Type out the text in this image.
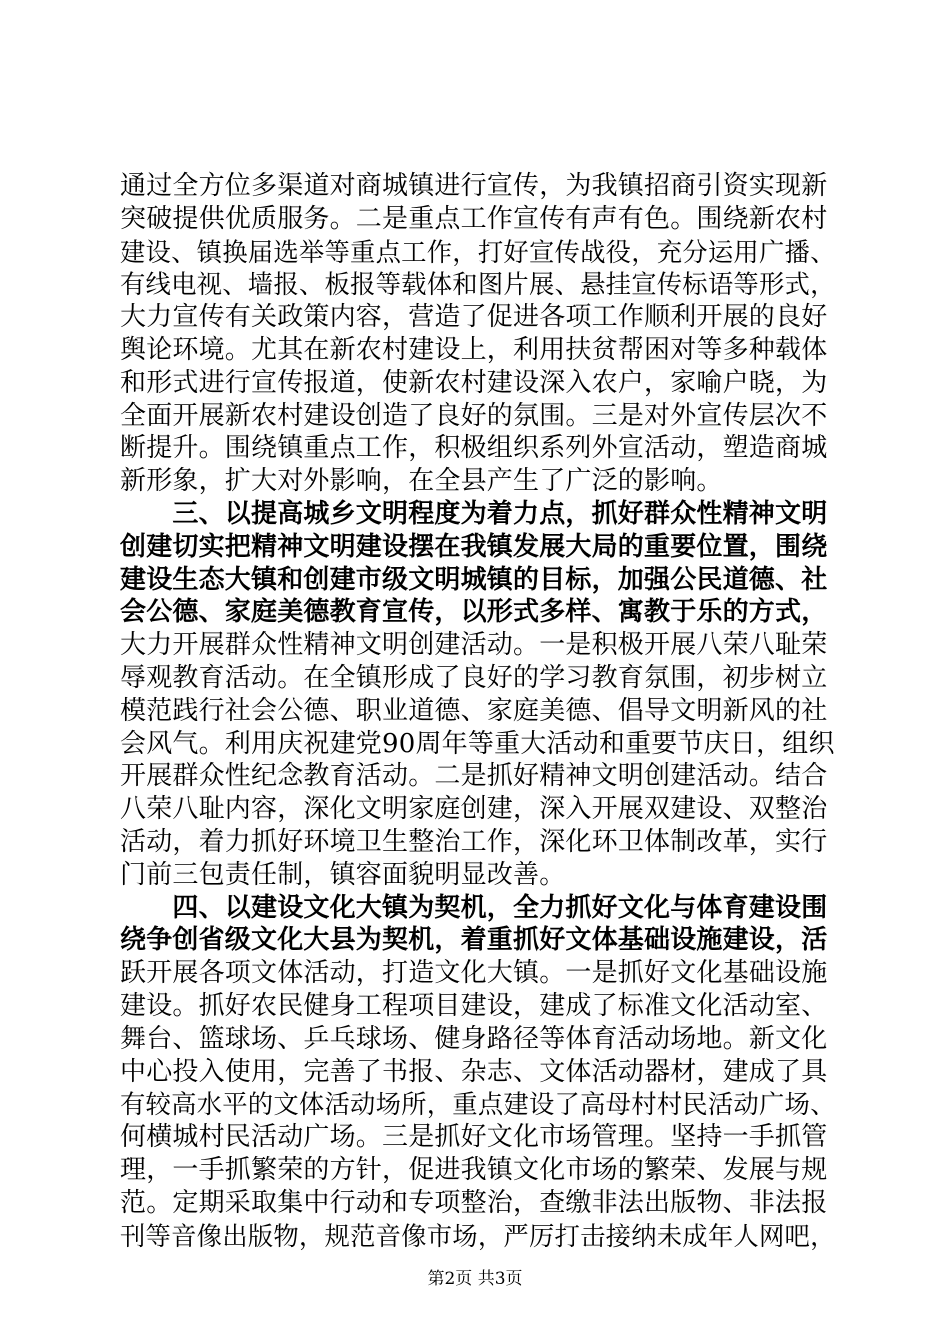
通过全方位多渠道对商城镇进行宣传，为我镇招商引资实现新
突破提供优质服务。二是重点工作宣传有声有色。围绕新农村
建设、镇换届选举等重点工作，打好宣传战役，充分运用广播、
有线电视、墙报、板报等载体和图片展、悬挂宣传标语等形式，
大力宣传有关政策内容，营造了促进各项工作顺利开展的良好
舆论环境。尤其在新农村建设上，利用扶贫帮困对等多种载体
和形式进行宣传报道，使新农村建设深入农户，家喻户晓，为
全面开展新农村建设创造了良好的氛围。三是对外宣传层次不
断提升。围绕镇重点工作，积极组织系列外宣活动，塑造商城
新形象，扩大对外影响，在全县产生了广泛的影响。
　　三、以提高城乡文明程度为着力点，抓好群众性精神文明
创建切实把精神文明建设摆在我镇发展大局的重要位置，围绕
建设生态大镇和创建市级文明城镇的目标，加强公民道德、社
会公德、家庭美德教育宣传，以形式多样、寓教于乐的方式，
大力开展群众性精神文明创建活动。一是积极开展八荣八耻荣
辱观教育活动。在全镇形成了良好的学习教育氛围，初步树立
模范践行社会公德、职业道德、家庭美德、倡导文明新风的社
会风气。利用庆祝建党90周年等重大活动和重要节庆日，组织
开展群众性纪念教育活动。二是抓好精神文明创建活动。结合
八荣八耻内容，深化文明家庭创建，深入开展双建设、双整治
活动，着力抓好环境卫生整治工作，深化环卫体制改革，实行
门前三包责任制，镇容面貌明显改善。
　　四、以建设文化大镇为契机，全力抓好文化与体育建设围
绕争创省级文化大县为契机，着重抓好文体基础设施建设，活
跃开展各项文体活动，打造文化大镇。一是抓好文化基础设施
建设。抓好农民健身工程项目建设，建成了标准文化活动室、
舞台、篮球场、乒乓球场、健身路径等体育活动场地。新文化
中心投入使用，完善了书报、杂志、文体活动器材，建成了具
有较高水平的文体活动场所，重点建设了高母村村民活动广场、
何横城村民活动广场。三是抓好文化市场管理。坚持一手抓管
理，一手抓繁荣的方针，促进我镇文化市场的繁荣、发展与规
范。定期采取集中行动和专项整治，查缴非法出版物、非法报
刊等音像出版物，规范音像市场，严厉打击接纳未成年人网吧，
第2页 共3页
